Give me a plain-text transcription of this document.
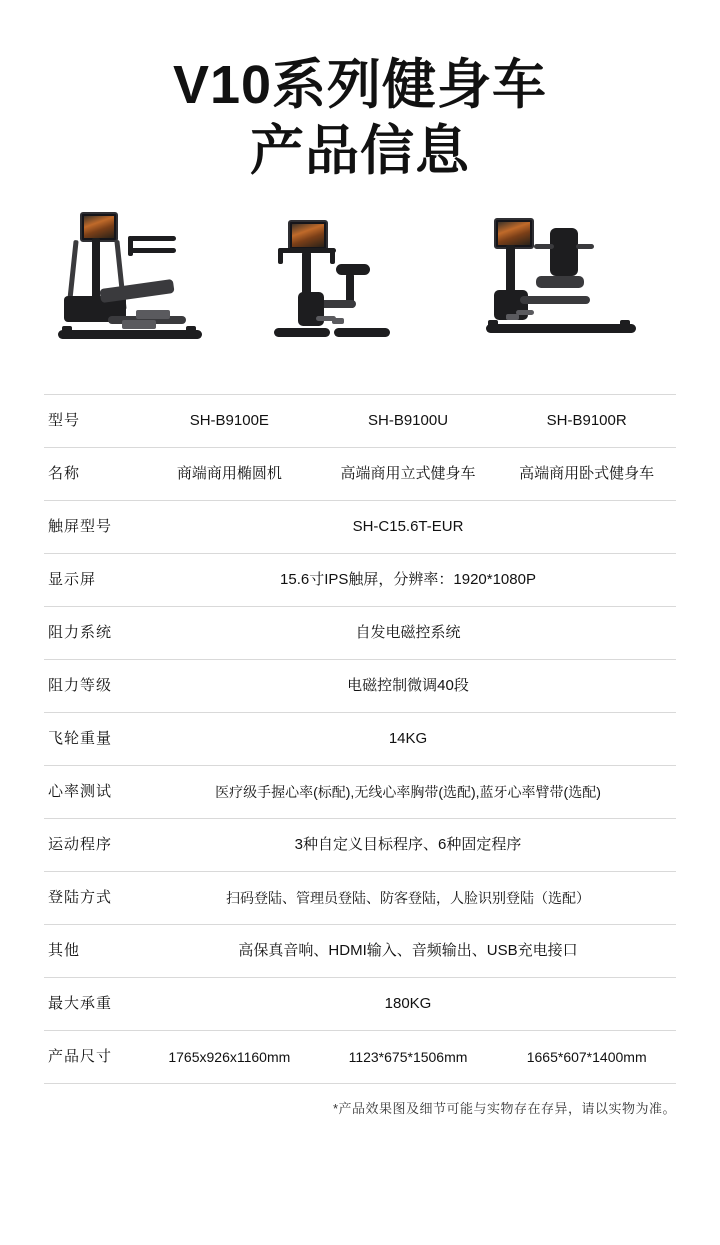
V10系列健身车
产品信息
型号	SH-B9100E SH-B9100U SH-B9100R

名称	商端商用椭圆机 高端商用立式健身车 高端商用卧式健身车

触屏型号	SH-C15.6T-EUR
显示屏	15.6寸IPS触屏，分辨率：1920*1080P
阻力系统	自发电磁控系统
阻力等级	电磁控制微调40段
飞轮重量	14KG
心率测试	医疗级手握心率(标配),无线心率胸带(选配),蓝牙心率臂带(选配)
运动程序	3种自定义目标程序、6种固定程序
登陆方式	扫码登陆、管理员登陆、防客登陆，人脸识别登陆（选配）
其他	高保真音响、HDMI输入、音频输出、USB充电接口
最大承重	180KG
产品尺寸	1765x926x1160mm 1123*675*1506mm 1665*607*1400mm
*产品效果图及细节可能与实物存在存异，请以实物为准。
